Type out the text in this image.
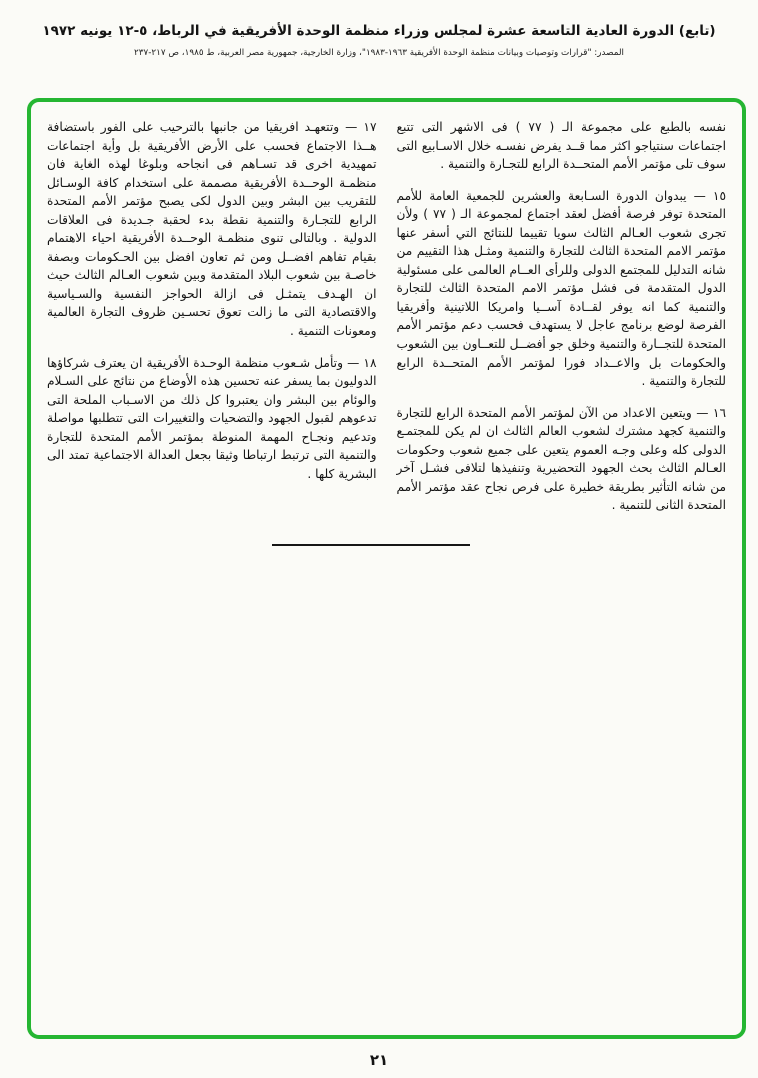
(تابع) الدورة العادية التاسعة عشرة لمجلس وزراء منظمة الوحدة الأفريقية في الرباط، ٥-١٢ يونيه ١٩٧٢
المصدر: "قرارات وتوصيات وبيانات منظمة الوحدة الأفريقية ١٩٦٣-١٩٨٣"، وزارة الخارجية، جمهورية مصر العربية، ط ١٩٨٥، ص ٢١٧-٢٣٧

نفسه بالطبع على مجموعة الـ ( ٧٧ ) فى الاشهر التى تتبع اجتماعات سنتياجو اكثر مما قــد يفرض نفسـه خلال الاسـابيع التى سوف تلى مؤتمر الأمم المتحــدة الرابع للتجـارة والتنمية .

١٥ — يبدوان الدورة السـابعة والعشرين للجمعية العامة للأمم المتحدة توفر فرصة أفضل لعقد اجتماع لمجموعة الـ ( ٧٧ ) ولأن تجرى شعوب العـالم الثالث سويا تقييما للنتائج التي أسفر عنها مؤتمر الامم المتحدة الثالث للتجارة والتنمية ومثـل هذا التقييم من شانه التدليل للمجتمع الدولى وللرأى العــام العالمى على مسئولية الدول المتقدمة فى فشل مؤتمر الامم المتحدة الثالث للتجارة والتنمية كما انه يوفر لقــادة آســيا وامريكا اللاتينية وأفريقيا الفرصة لوضع برنامج عاجل لا يستهدف فحسب دعم مؤتمر الأمم المتحدة للتجــارة والتنمية وخلق جو أفضــل للتعــاون بين الشعوب والحكومات بل والاعــداد فورا لمؤتمر الأمم المتحــدة الرابع للتجارة والتنمية .

١٦ — ويتعين الاعداد من الآن لمؤتمر الأمم المتحدة الرابع للتجارة والتنمية كجهد مشترك لشعوب العالم الثالث ان لم يكن للمجتمـع الدولى كله وعلى وجـه العموم يتعين على جميع شعوب وحكومات العـالم الثالث بحث الجهود التحضيرية وتنفيذها لتلافى فشـل آخر من شانه التأثير بطريقة خطيرة على فرص نجاح عقد مؤتمر الأمم المتحدة الثانى للتنمية .

١٧ — وتتعهـد افريقيا من جانبها بالترحيب على الفور باستضافة هــذا الاجتماع فحسب على الأرض الأفريقية بل وأية اجتماعات تمهيدية اخرى قد تسـاهم فى انجاحه وبلوغا لهذه الغاية فان منظمـة الوحــدة الأفريقية مصممة على استخدام كافة الوسـائل للتقريب بين البشر وبين الدول لكى يصبح مؤتمر الأمم المتحدة الرابع للتجـارة والتنمية نقطة بدء لحقبة جـديدة فى العلاقات الدولية . وبالتالى تنوى منظمـة الوحــدة الأفريقية احياء الاهتمام بقيام تفاهم افضــل ومن ثم تعاون افضل بين الحـكومات وبصفة خاصـة بين شعوب البلاد المتقدمة وبين شعوب العـالم الثالث حيث ان الهـدف يتمثـل فى ازالة الحواجز النفسية والسـياسية والاقتصادية التى ما زالت تعوق تحسـين ظروف التجارة العالمية ومعونات التنمية .

١٨ — وتأمل شـعوب منظمة الوحـدة الأفريقية ان يعترف شركاؤها الدوليون بما يسفر عنه تحسين هذه الأوضاع من نتائج على السـلام والوئام بين البشر وان يعتبروا كل ذلك من الاسـباب الملحة التى تدعوهم لقبول الجهود والتضحيات والتغييرات التى تتطلبها مواصلة وتدعيم ونجـاح المهمة المنوطة بمؤتمر الأمم المتحدة للتجارة والتنمية التى ترتبط ارتباطا وثيقا بجعل العدالة الاجتماعية تمتد الى البشرية كلها .

٢١
